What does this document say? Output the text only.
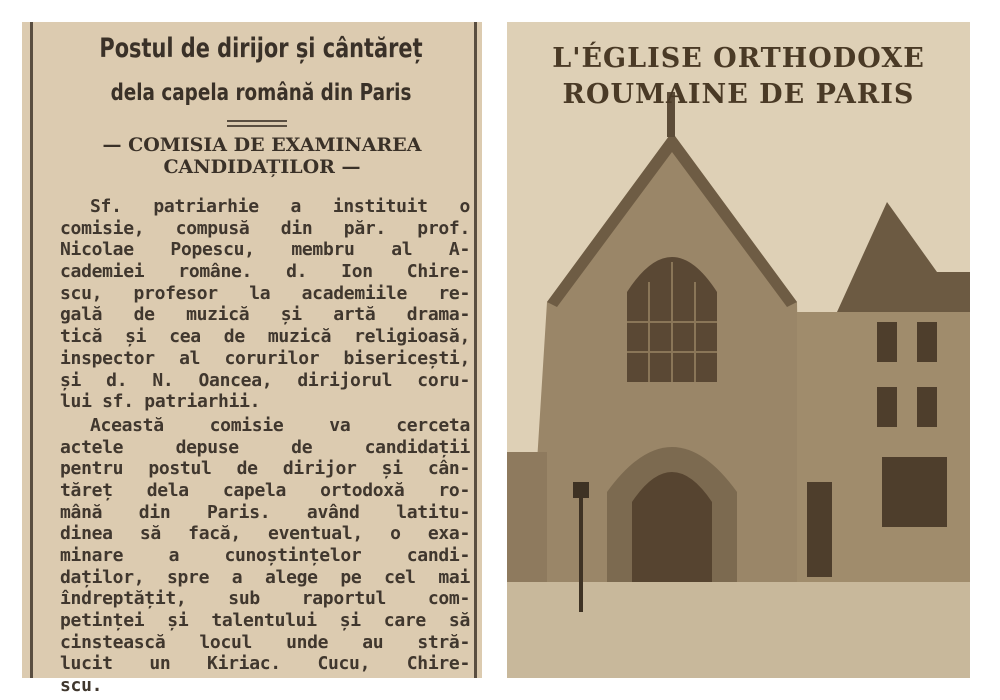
Postul de dirijor și cântăreț
dela capela română din Paris
— COMISIA DE EXAMINAREA
CANDIDAȚILOR —
Sf. patriarhie a instituit o
comisie, compusă din păr. prof.
Nicolae Popescu, membru al A-
cademiei române. d. Ion Chire-
scu, profesor la academiile re-
gală de muzică și artă drama-
tică și cea de muzică religioasă,
inspector al corurilor bisericești,
și d. N. Oancea, dirijorul coru-
lui sf. patriarhii.
Această comisie va cerceta
actele depuse de candidații
pentru postul de dirijor și cân-
tăreț dela capela ortodoxă ro-
mână din Paris. având latitu-
dinea să facă, eventual, o exa-
minare a cunoștințelor candi-
daților, spre a alege pe cel mai
îndreptățit, sub raportul com-
petinței și talentului și care să
cinstească locul unde au stră-
lucit un Kiriac. Cucu, Chire-
scu.
L'ÉGLISE ORTHODOXE
ROUMAINE DE PARIS
